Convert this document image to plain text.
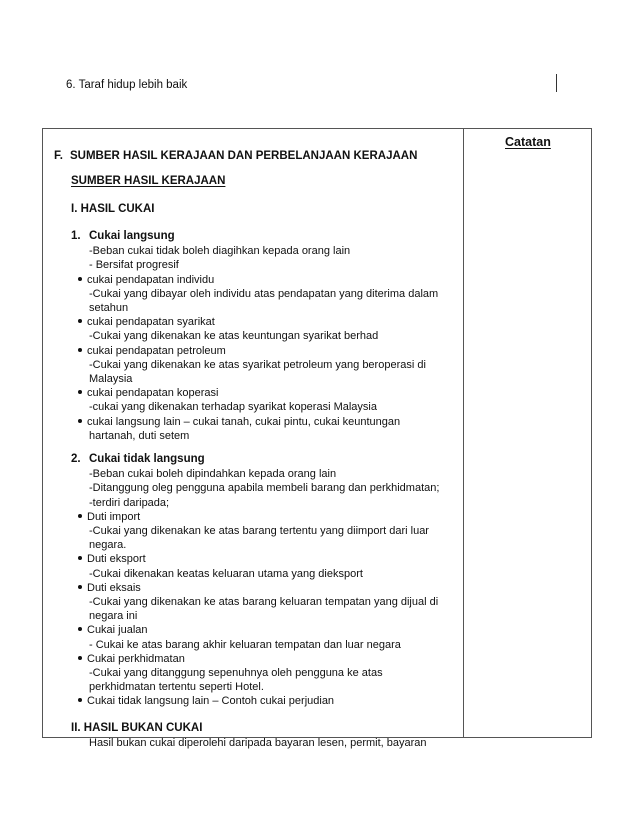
6. Taraf hidup lebih baik
Catatan
F. SUMBER HASIL KERAJAAN DAN PERBELANJAAN KERAJAAN
SUMBER HASIL KERAJAAN
I. HASIL CUKAI
1. Cukai langsung
-Beban cukai tidak boleh diagihkan kepada orang lain
- Bersifat progresif
cukai pendapatan individu
-Cukai yang dibayar oleh individu atas pendapatan yang diterima dalam
setahun
cukai pendapatan syarikat
-Cukai yang dikenakan ke atas keuntungan syarikat berhad
cukai pendapatan petroleum
-Cukai yang dikenakan ke atas syarikat petroleum yang beroperasi di
Malaysia
cukai pendapatan koperasi
-cukai yang dikenakan terhadap syarikat koperasi Malaysia
cukai langsung lain – cukai tanah, cukai pintu, cukai keuntungan
hartanah, duti setem
2. Cukai tidak langsung
-Beban cukai boleh dipindahkan kepada orang lain
-Ditanggung oleg pengguna apabila membeli barang dan perkhidmatan;
-terdiri daripada;
Duti import
-Cukai yang dikenakan ke atas barang tertentu yang diimport dari luar
negara.
Duti eksport
-Cukai dikenakan keatas keluaran utama yang dieksport
Duti eksais
-Cukai yang dikenakan ke atas barang keluaran tempatan yang dijual di
negara ini
Cukai jualan
- Cukai ke atas barang akhir keluaran tempatan dan luar negara
Cukai perkhidmatan
-Cukai yang ditanggung sepenuhnya oleh pengguna ke atas
perkhidmatan tertentu seperti Hotel.
Cukai tidak langsung lain – Contoh cukai perjudian
II. HASIL BUKAN CUKAI
Hasil bukan cukai diperolehi daripada bayaran lesen, permit, bayaran
